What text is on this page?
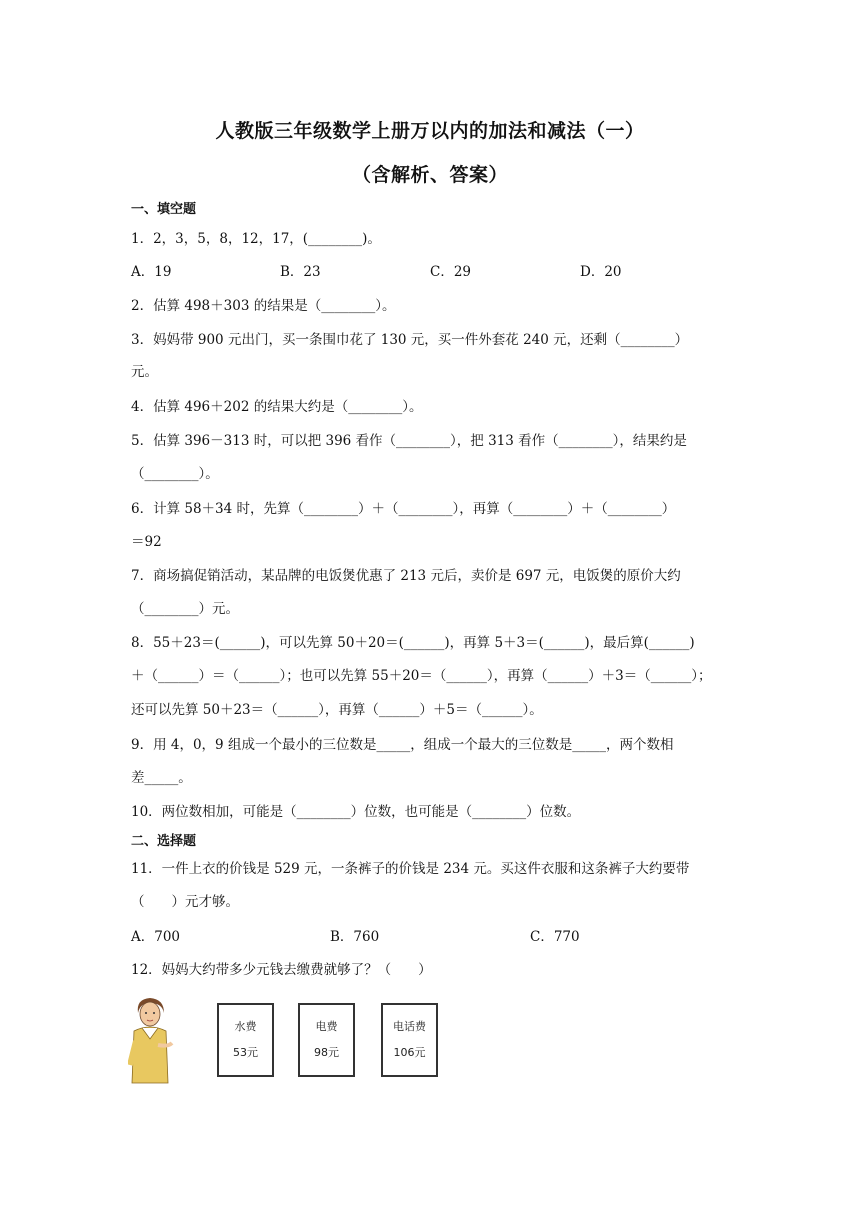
人教版三年级数学上册万以内的加法和减法（一）
（含解析、答案）
一、填空题
1．2，3，5，8，12，17，(________)。
A．19	B．23	C．29	D．20
2．估算 498＋303 的结果是（________）。
3．妈妈带 900 元出门，买一条围巾花了 130 元，买一件外套花 240 元，还剩（________）
元。
4．估算 496＋202 的结果大约是（________）。
5．估算 396－313 时，可以把 396 看作（________），把 313 看作（________），结果约是
（________）。
6．计算 58＋34 时，先算（________）＋（________），再算（________）＋（________）
＝92
7．商场搞促销活动，某品牌的电饭煲优惠了 213 元后，卖价是 697 元，电饭煲的原价大约
（________）元。
8．55＋23＝(______)，可以先算 50＋20＝(______)，再算 5＋3＝(______)，最后算(______)
＋（______）＝（______）；也可以先算 55＋20＝（______），再算（______）＋3＝（______）；
还可以先算 50＋23＝（______），再算（______）＋5＝（______）。
9．用 4，0，9 组成一个最小的三位数是_____，组成一个最大的三位数是_____，两个数相
差_____。
10．两位数相加，可能是（________）位数，也可能是（________）位数。
二、选择题
11．一件上衣的价钱是 529 元，一条裤子的价钱是 234 元。买这件衣服和这条裤子大约要带
（　　）元才够。
A．700	B．760	C．770
12．妈妈大约带多少元钱去缴费就够了？（　　）
水费
53元
电费
98元
电话费
106元
